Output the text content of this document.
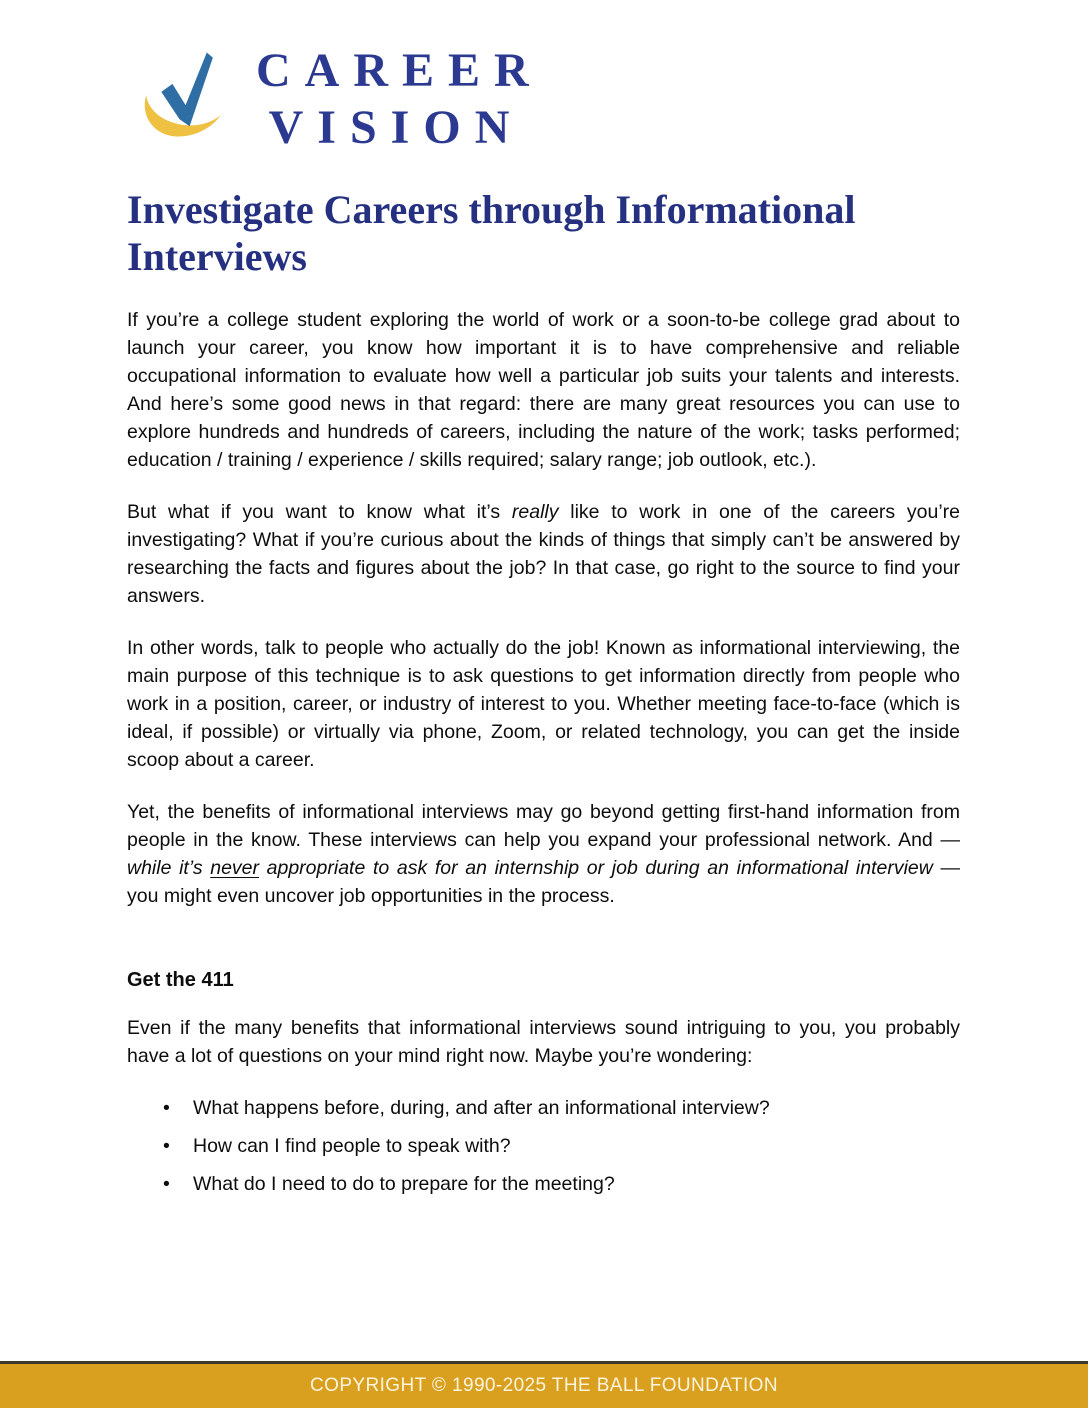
CAREER
VISION
Investigate Careers through Informational Interviews

If you’re a college student exploring the world of work or a soon-to-be college grad about to launch your career, you know how important it is to have comprehensive and reliable occupational information to evaluate how well a particular job suits your talents and interests. And here’s some good news in that regard: there are many great resources you can use to explore hundreds and hundreds of careers, including the nature of the work; tasks performed; education / training / experience / skills required; salary range; job outlook, etc.).

But what if you want to know what it’s really like to work in one of the careers you’re investigating? What if you’re curious about the kinds of things that simply can’t be answered by researching the facts and figures about the job? In that case, go right to the source to find your answers.

In other words, talk to people who actually do the job! Known as informational interviewing, the main purpose of this technique is to ask questions to get information directly from people who work in a position, career, or industry of interest to you. Whether meeting face-to-face (which is ideal, if possible) or virtually via phone, Zoom, or related technology, you can get the inside scoop about a career.

Yet, the benefits of informational interviews may go beyond getting first-hand information from people in the know. These interviews can help you expand your professional network. And — while it’s never appropriate to ask for an internship or job during an informational interview — you might even uncover job opportunities in the process.

Get the 411

Even if the many benefits that informational interviews sound intriguing to you, you probably have a lot of questions on your mind right now. Maybe you’re wondering:

• What happens before, during, and after an informational interview?
• How can I find people to speak with?
• What do I need to do to prepare for the meeting?
COPYRIGHT © 1990-2025 THE BALL FOUNDATION
